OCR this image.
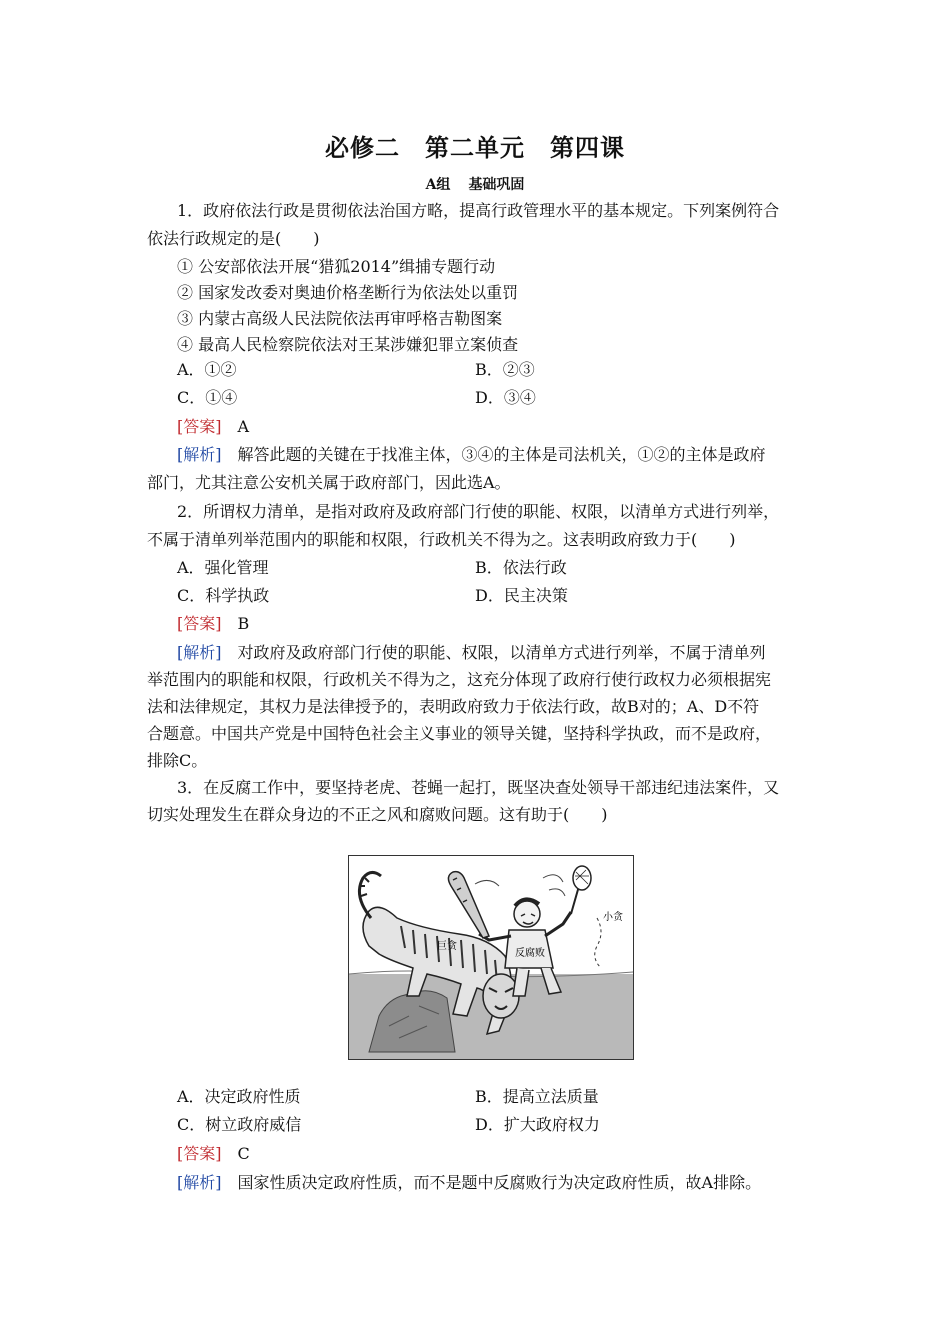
必修二　第二单元　第四课
A组 基础巩固
1．政府依法行政是贯彻依法治国方略，提高行政管理水平的基本规定。下列案例符合
依法行政规定的是(　　)
① 公安部依法开展“猎狐2014”缉捕专题行动
② 国家发改委对奥迪价格垄断行为依法处以重罚
③ 内蒙古高级人民法院依法再审呼格吉勒图案
④ 最高人民检察院依法对王某涉嫌犯罪立案侦查
A．①②	B．②③
C．①④	D．③④
[答案]　 A
[解析]　 解答此题的关键在于找准主体，③④的主体是司法机关，①②的主体是政府
部门，尤其注意公安机关属于政府部门，因此选A。
2．所谓权力清单，是指对政府及政府部门行使的职能、权限，以清单方式进行列举，
不属于清单列举范围内的职能和权限，行政机关不得为之。这表明政府致力于(　　)
A．强化管理	B．依法行政
C．科学执政	D．民主决策
[答案]　 B
[解析]　 对政府及政府部门行使的职能、权限，以清单方式进行列举，不属于清单列
举范围内的职能和权限，行政机关不得为之，这充分体现了政府行使行政权力必须根据宪
法和法律规定，其权力是法律授予的，表明政府致力于依法行政，故B对的；A、D不符
合题意。中国共产党是中国特色社会主义事业的领导关键，坚持科学执政，而不是政府，
排除C。
3．在反腐工作中，要坚持老虎、苍蝇一起打，既坚决查处领导干部违纪违法案件，又
切实处理发生在群众身边的不正之风和腐败问题。这有助于(　　)
巨贪
反腐败
小贪
A．决定政府性质	B．提高立法质量
C．树立政府威信	D．扩大政府权力
[答案]　 C
[解析]　 国家性质决定政府性质，而不是题中反腐败行为决定政府性质，故A排除。
